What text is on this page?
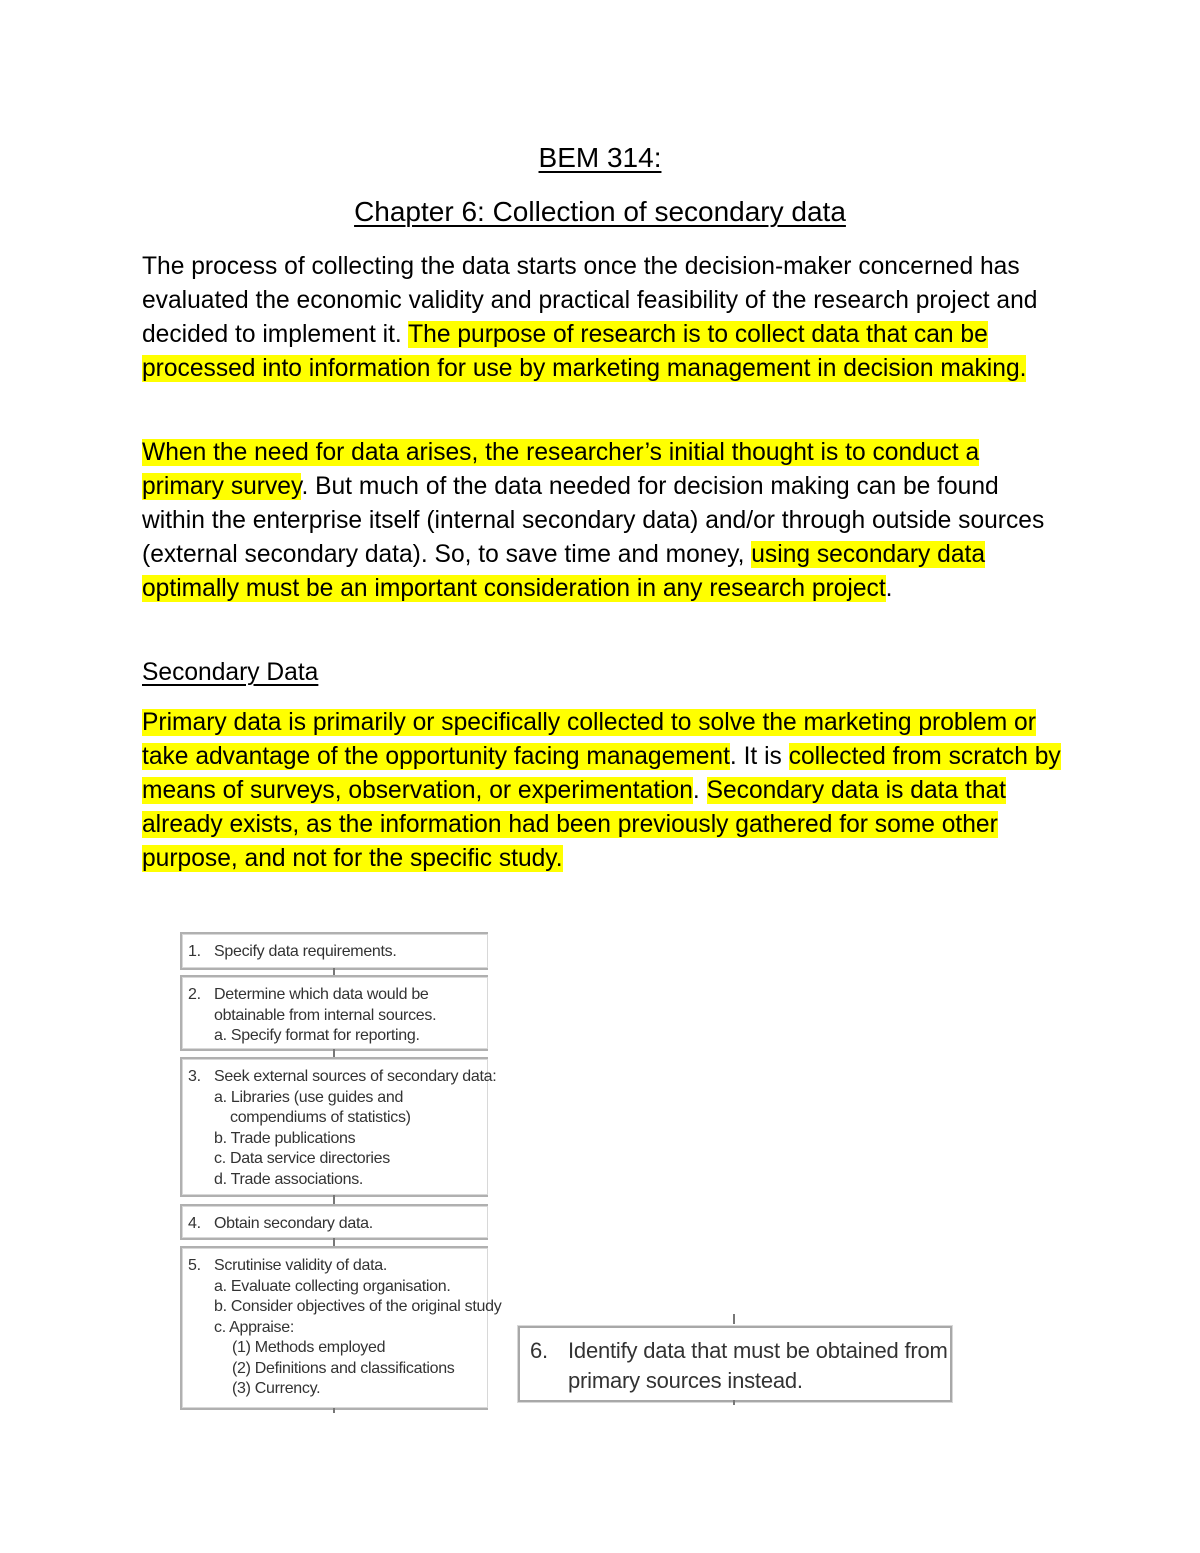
BEM 314:
Chapter 6: Collection of secondary data

The process of collecting the data starts once the decision-maker concerned has evaluated the economic validity and practical feasibility of the research project and decided to implement it. The purpose of research is to collect data that can be processed into information for use by marketing management in decision making.

When the need for data arises, the researcher’s initial thought is to conduct a primary survey. But much of the data needed for decision making can be found within the enterprise itself (internal secondary data) and/or through outside sources (external secondary data). So, to save time and money, using secondary data optimally must be an important consideration in any research project.

Secondary Data

Primary data is primarily or specifically collected to solve the marketing problem or take advantage of the opportunity facing management. It is collected from scratch by means of surveys, observation, or experimentation. Secondary data is data that already exists, as the information had been previously gathered for some other purpose, and not for the specific study.

1. Specify data requirements.
2. Determine which data would be
obtainable from internal sources.
a. Specify format for reporting.
3. Seek external sources of secondary data:
a. Libraries (use guides and
compendiums of statistics)
b. Trade publications
c. Data service directories
d. Trade associations.
4. Obtain secondary data.
5. Scrutinise validity of data.
a. Evaluate collecting organisation.
b. Consider objectives of the original study
c. Appraise:
(1) Methods employed
(2) Definitions and classifications
(3) Currency.
6. Identify data that must be obtained from
primary sources instead.
